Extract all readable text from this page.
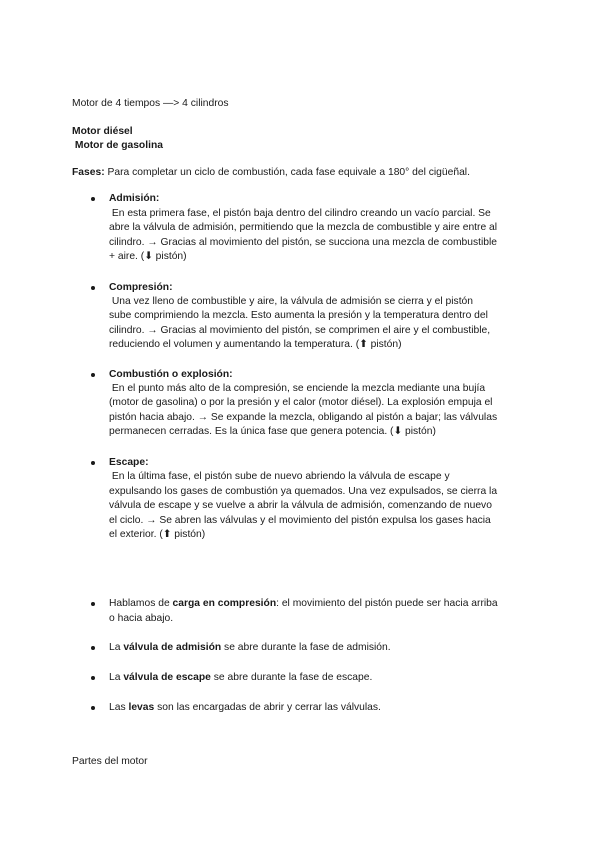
Motor de 4 tiempos —> 4 cilindros
Motor diésel
Motor de gasolina
Fases: Para completar un ciclo de combustión, cada fase equivale a 180° del cigüeñal.
Admisión:
En esta primera fase, el pistón baja dentro del cilindro creando un vacío parcial. Se
abre la válvula de admisión, permitiendo que la mezcla de combustible y aire entre al
cilindro. → Gracias al movimiento del pistón, se succiona una mezcla de combustible
+ aire. (⬇ pistón)
Compresión:
Una vez lleno de combustible y aire, la válvula de admisión se cierra y el pistón
sube comprimiendo la mezcla. Esto aumenta la presión y la temperatura dentro del
cilindro. → Gracias al movimiento del pistón, se comprimen el aire y el combustible,
reduciendo el volumen y aumentando la temperatura. (⬆ pistón)
Combustión o explosión:
En el punto más alto de la compresión, se enciende la mezcla mediante una bujía
(motor de gasolina) o por la presión y el calor (motor diésel). La explosión empuja el
pistón hacia abajo. → Se expande la mezcla, obligando al pistón a bajar; las válvulas
permanecen cerradas. Es la única fase que genera potencia. (⬇ pistón)
Escape:
En la última fase, el pistón sube de nuevo abriendo la válvula de escape y
expulsando los gases de combustión ya quemados. Una vez expulsados, se cierra la
válvula de escape y se vuelve a abrir la válvula de admisión, comenzando de nuevo
el ciclo. → Se abren las válvulas y el movimiento del pistón expulsa los gases hacia
el exterior. (⬆ pistón)
Hablamos de carga en compresión: el movimiento del pistón puede ser hacia arriba
o hacia abajo.
La válvula de admisión se abre durante la fase de admisión.
La válvula de escape se abre durante la fase de escape.
Las levas son las encargadas de abrir y cerrar las válvulas.
Partes del motor
